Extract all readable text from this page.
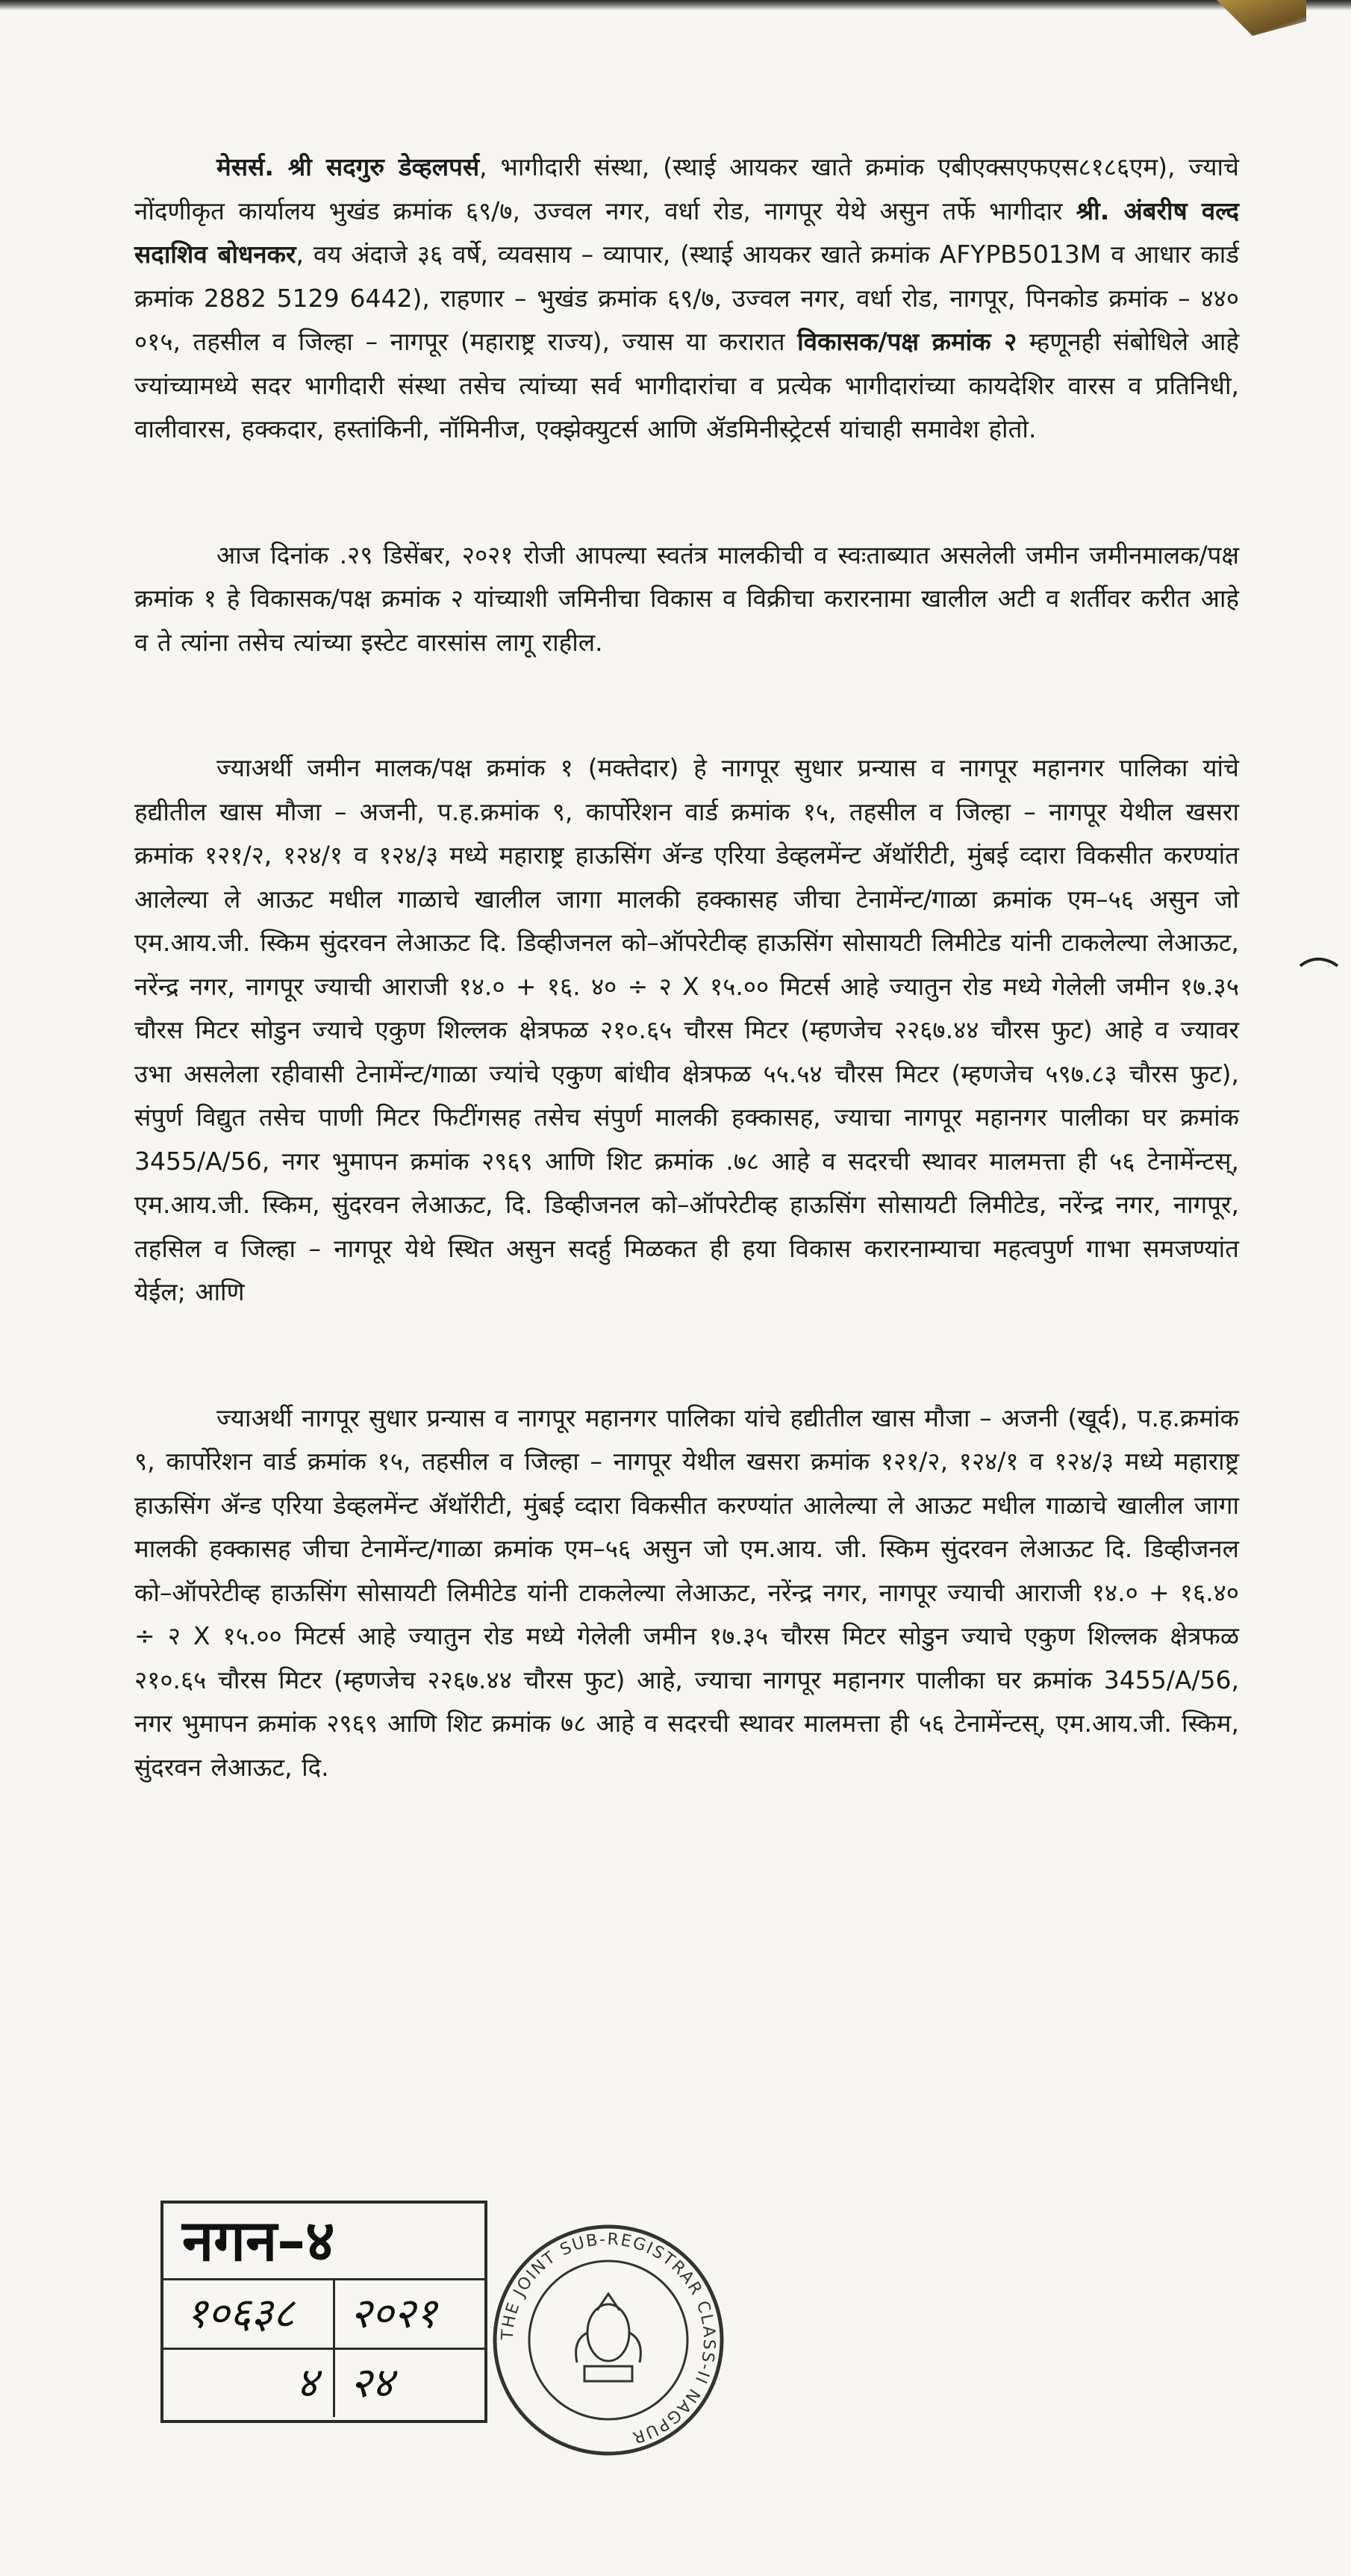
मेसर्स. श्री सदगुरु डेव्हलपर्स, भागीदारी संस्था, (स्थाई आयकर खाते क्रमांक एबीएक्सएफएस८१८६एम), ज्याचे नोंदणीकृत कार्यालय भुखंड क्रमांक ६९/७, उज्वल नगर, वर्धा रोड, नागपूर येथे असुन तर्फे भागीदार श्री. अंबरीष वल्द सदाशिव बोधनकर, वय अंदाजे ३६ वर्षे, व्यवसाय – व्यापार, (स्थाई आयकर खाते क्रमांक AFYPB5013M व आधार कार्ड क्रमांक 2882 5129 6442), राहणार – भुखंड क्रमांक ६९/७, उज्वल नगर, वर्धा रोड, नागपूर, पिनकोड क्रमांक – ४४० ०१५, तहसील व जिल्हा – नागपूर (महाराष्ट्र राज्य), ज्यास या करारात विकासक/पक्ष क्रमांक २ म्हणूनही संबोधिले आहे ज्यांच्यामध्ये सदर भागीदारी संस्था तसेच त्यांच्या सर्व भागीदारांचा व प्रत्येक भागीदारांच्या कायदेशिर वारस व प्रतिनिधी, वालीवारस, हक्कदार, हस्तांकिनी, नॉमिनीज, एक्झेक्युटर्स आणि ॲडमिनीस्ट्रेटर्स यांचाही समावेश होतो.

आज दिनांक .२९ डिसेंबर, २०२१ रोजी आपल्या स्वतंत्र मालकीची व स्वःताब्यात असलेली जमीन जमीनमालक/पक्ष क्रमांक १ हे विकासक/पक्ष क्रमांक २ यांच्याशी जमिनीचा विकास व विक्रीचा करारनामा खालील अटी व शर्तीवर करीत आहे व ते त्यांना तसेच त्यांच्या इस्टेट वारसांस लागू राहील.

ज्याअर्थी जमीन मालक/पक्ष क्रमांक १ (मक्तेदार) हे नागपूर सुधार प्रन्यास व नागपूर महानगर पालिका यांचे हद्यीतील खास मौजा – अजनी, प.ह.क्रमांक ९, कार्पोरेशन वार्ड क्रमांक १५, तहसील व जिल्हा – नागपूर येथील खसरा क्रमांक १२१/२, १२४/१ व १२४/३ मध्ये महाराष्ट्र हाऊसिंग ॲन्ड एरिया डेव्हलमेंन्ट ॲथॉरीटी, मुंबई व्दारा विकसीत करण्यांत आलेल्या ले आऊट मधील गाळाचे खालील जागा मालकी हक्कासह जीचा टेनामेंन्ट/गाळा क्रमांक एम–५६ असुन जो एम.आय.जी. स्किम सुंदरवन लेआऊट दि. डिव्हीजनल को–ऑपरेटीव्ह हाऊसिंग सोसायटी लिमीटेड यांनी टाकलेल्या लेआऊट, नरेंन्द्र नगर, नागपूर ज्याची आराजी १४.० + १६. ४० ÷ २ X १५.०० मिटर्स आहे ज्यातुन रोड मध्ये गेलेली जमीन १७.३५ चौरस मिटर सोडुन ज्याचे एकुण शिल्लक क्षेत्रफळ २१०.६५ चौरस मिटर (म्हणजेच २२६७.४४ चौरस फुट) आहे व ज्यावर उभा असलेला रहीवासी टेनामेंन्ट/गाळा ज्यांचे एकुण बांधीव क्षेत्रफळ ५५.५४ चौरस मिटर (म्हणजेच ५९७.८३ चौरस फुट), संपुर्ण विद्युत तसेच पाणी मिटर फिटींगसह तसेच संपुर्ण मालकी हक्कासह, ज्याचा नागपूर महानगर पालीका घर क्रमांक 3455/A/56, नगर भुमापन क्रमांक २९६९ आणि शिट क्रमांक .७८ आहे व सदरची स्थावर मालमत्ता ही ५६ टेनामेंन्टस्, एम.आय.जी. स्किम, सुंदरवन लेआऊट, दि. डिव्हीजनल को–ऑपरेटीव्ह हाऊसिंग सोसायटी लिमीटेड, नरेंन्द्र नगर, नागपूर, तहसिल व जिल्हा – नागपूर येथे स्थित असुन सदर्हु मिळकत ही हया विकास करारनाम्याचा महत्वपुर्ण गाभा समजण्यांत येईल; आणि

ज्याअर्थी नागपूर सुधार प्रन्यास व नागपूर महानगर पालिका यांचे हद्यीतील खास मौजा – अजनी (खूर्द), प.ह.क्रमांक ९, कार्पोरेशन वार्ड क्रमांक १५, तहसील व जिल्हा – नागपूर येथील खसरा क्रमांक १२१/२, १२४/१ व १२४/३ मध्ये महाराष्ट्र हाऊसिंग ॲन्ड एरिया डेव्हलमेंन्ट ॲथॉरीटी, मुंबई व्दारा विकसीत करण्यांत आलेल्या ले आऊट मधील गाळाचे खालील जागा मालकी हक्कासह जीचा टेनामेंन्ट/गाळा क्रमांक एम–५६ असुन जो एम.आय. जी. स्किम सुंदरवन लेआऊट दि. डिव्हीजनल को–ऑपरेटीव्ह हाऊसिंग सोसायटी लिमीटेड यांनी टाकलेल्या लेआऊट, नरेंन्द्र नगर, नागपूर ज्याची आराजी १४.० + १६.४० ÷ २ X १५.०० मिटर्स आहे ज्यातुन रोड मध्ये गेलेली जमीन १७.३५ चौरस मिटर सोडुन ज्याचे एकुण शिल्लक क्षेत्रफळ २१०.६५ चौरस मिटर (म्हणजेच २२६७.४४ चौरस फुट) आहे, ज्याचा नागपूर महानगर पालीका घर क्रमांक 3455/A/56, नगर भुमापन क्रमांक २९६९ आणि शिट क्रमांक ७८ आहे व सदरची स्थावर मालमत्ता ही ५६ टेनामेंन्टस्, एम.आय.जी. स्किम, सुंदरवन लेआऊट, दि.

नगन–४
१०६३८	२०२१
४ २४
THE JOINT SUB-REGISTRAR CLASS-II NAGPUR
